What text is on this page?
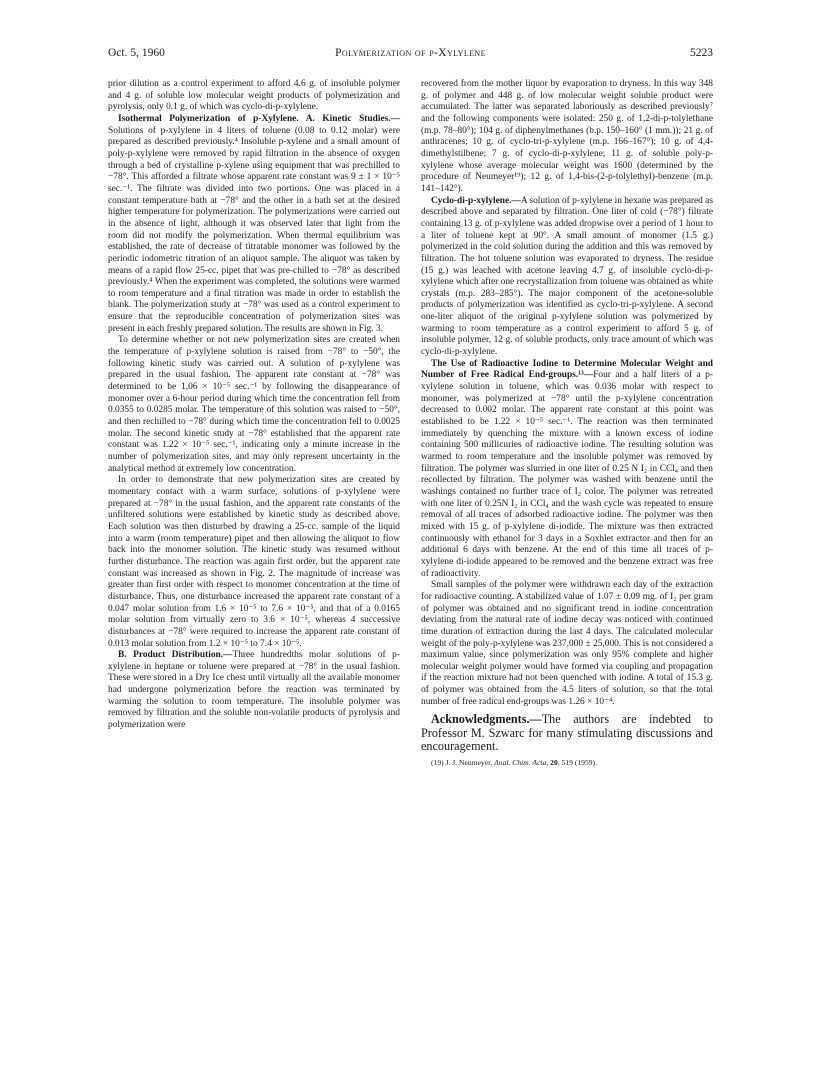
Oct. 5, 1960	Polymerization of p-Xylylene	5223

prior dilution as a control experiment to afford 4.6 g. of insoluble polymer and 4 g. of soluble low molecular weight products of polymerization and pyrolysis, only 0.1 g. of which was cyclo-di-p-xylylene.

Isothermal Polymerization of p-Xylylene. A. Kinetic Studies.—Solutions of p-xylylene in 4 liters of toluene (0.08 to 0.12 molar) were prepared as described previously.⁴ Insoluble p-xylene and a small amount of poly-p-xylylene were removed by rapid filtration in the absence of oxygen through a bed of crystalline p-xylene using equipment that was prechilled to −78°. This afforded a filtrate whose apparent rate constant was 9 ± 1 × 10⁻⁵ sec.⁻¹. The filtrate was divided into two portions. One was placed in a constant temperature bath at −78° and the other in a bath set at the desired higher temperature for polymerization. The polymerizations were carried out in the absence of light, although it was observed later that light from the room did not modify the polymerization. When thermal equilibrium was established, the rate of decrease of titratable monomer was followed by the periodic iodometric titration of an aliquot sample. The aliquot was taken by means of a rapid flow 25-cc. pipet that was pre-chilled to −78° as described previously.⁴ When the experiment was completed, the solutions were warmed to room temperature and a final titration was made in order to establish the blank. The polymerization study at −78° was used as a control experiment to ensure that the reproducible concentration of polymerization sites was present in each freshly prepared solution. The results are shown in Fig. 3.

To determine whether or not new polymerization sites are created when the temperature of p-xylylene solution is raised from −78° to −50°, the following kinetic study was carried out. A solution of p-xylylene was prepared in the usual fashion. The apparent rate constant at −78° was determined to be 1.06 × 10⁻⁵ sec.⁻¹ by following the disappearance of monomer over a 6-hour period during which time the concentration fell from 0.0355 to 0.0285 molar. The temperature of this solution was raised to −50°, and then rechilled to −78° during which time the concentration fell to 0.0025 molar. The second kinetic study at −78° established that the apparent rate constant was 1.22 × 10⁻⁵ sec.⁻¹, indicating only a minute increase in the number of polymerization sites, and may only represent uncertainty in the analytical method at extremely low concentration.

In order to demonstrate that new polymerization sites are created by momentary contact with a warm surface, solutions of p-xylylene were prepared at −78° in the usual fashion, and the apparent rate constants of the unfiltered solutions were established by kinetic study as described above. Each solution was then disturbed by drawing a 25-cc. sample of the liquid into a warm (room temperature) pipet and then allowing the aliquot to flow back into the monomer solution. The kinetic study was resumed without further disturbance. The reaction was again first order, but the apparent rate constant was increased as shown in Fig. 2. The magnitude of increase was greater than first order with respect to monomer concentration at the time of disturbance. Thus, one disturbance increased the apparent rate constant of a 0.047 molar solution from 1.6 × 10⁻⁵ to 7.6 × 10⁻⁵, and that of a 0.0165 molar solution from virtually zero to 3.6 × 10⁻⁵, whereas 4 successive disturbances at −78° were required to increase the apparent rate constant of 0.013 molar solution from 1.2 × 10⁻⁵ to 7.4 × 10⁻⁵.

B. Product Distribution.—Three hundredths molar solutions of p-xylylene in heptane or toluene were prepared at −78° in the usual fashion. These were stored in a Dry Ice chest until virtually all the available monomer had undergone polymerization before the reaction was terminated by warming the solution to room temperature. The insoluble polymer was removed by filtration and the soluble non-volatile products of pyrolysis and polymerization were

recovered from the mother liquor by evaporation to dryness. In this way 348 g. of polymer and 448 g. of low molecular weight soluble product were accumulated. The latter was separated laboriously as described previously⁷ and the following components were isolated: 250 g. of 1,2-di-p-tolylethane (m.p. 78–80°); 104 g. of diphenylmethanes (b.p. 150–160° (1 mm.)); 21 g. of anthracenes; 10 g. of cyclo-tri-p-xylylene (m.p. 166–167°); 10 g. of 4,4-dimethylstilbene; 7 g. of cyclo-di-p-xylylene; 11 g. of soluble poly-p-xylylene whose average molecular weight was 1600 (determined by the procedure of Neumeyer¹⁹); 12 g. of 1,4-bis-(2-p-tolylethyl)-benzene (m.p. 141–142°).

Cyclo-di-p-xylylene.—A solution of p-xylylene in hexane was prepared as described above and separated by filtration. One liter of cold (−78°) filtrate containing 13 g. of p-xylylene was added dropwise over a period of 1 hour to a liter of toluene kept at 90°. A small amount of monomer (1.5 g.) polymerized in the cold solution during the addition and this was removed by filtration. The hot toluene solution was evaporated to dryness. The residue (15 g.) was leached with acetone leaving 4.7 g. of insoluble cyclo-di-p-xylylene which after one recrystallization from toluene was obtained as white crystals (m.p. 283–285°). The major component of the acetone-soluble products of polymerization was identified as cyclo-tri-p-xylylene. A second one-liter aliquot of the original p-xylylene solution was polymerized by warming to room temperature as a control experiment to afford 5 g. of insoluble polymer, 12 g. of soluble products, only trace amount of which was cyclo-di-p-xylylene.

The Use of Radioactive Iodine to Determine Molecular Weight and Number of Free Radical End-groups.¹³—Four and a half liters of a p-xylylene solution in toluene, which was 0.036 molar with respect to monomer, was polymerized at −78° until the p-xylylene concentration decreased to 0.002 molar. The apparent rate constant at this point was established to be 1.22 × 10⁻⁵ sec.⁻¹. The reaction was then terminated immediately by quenching the mixture with a known excess of iodine containing 500 millicuries of radioactive iodine. The resulting solution was warmed to room temperature and the insoluble polymer was removed by filtration. The polymer was slurried in one liter of 0.25 N I₂ in CCl₄ and then recollected by filtration. The polymer was washed with benzene until the washings contained no further trace of I₂ color. The polymer was retreated with one liter of 0.25N I₂ in CCl₄ and the wash cycle was repeated to ensure removal of all traces of adsorbed radioactive iodine. The polymer was then mixed with 15 g. of p-xylylene di-iodide. The mixture was then extracted continuously with ethanol for 3 days in a Soxhlet extractor and then for an additional 6 days with benzene. At the end of this time all traces of p-xylylene di-iodide appeared to be removed and the benzene extract was free of radioactivity.

Small samples of the polymer were withdrawn each day of the extraction for radioactive counting. A stabilized value of 1.07 ± 0.09 mg. of I₂ per gram of polymer was obtained and no significant trend in iodine concentration deviating from the natural rate of iodine decay was noticed with continued time duration of extraction during the last 4 days. The calculated molecular weight of the poly-p-xylylene was 237,000 ± 25,000. This is not considered a maximum value, since polymerization was only 95% complete and higher molecular weight polymer would have formed via coupling and propagation if the reaction mixture had not been quenched with iodine. A total of 15.3 g. of polymer was obtained from the 4.5 liters of solution, so that the total number of free radical end-groups was 1.26 × 10⁻⁴.

Acknowledgments.—The authors are indebted to Professor M. Szwarc for many stimulating discussions and encouragement.

(19) J. J. Neumeyer, Anal. Chim. Acta, 20, 519 (1959).
